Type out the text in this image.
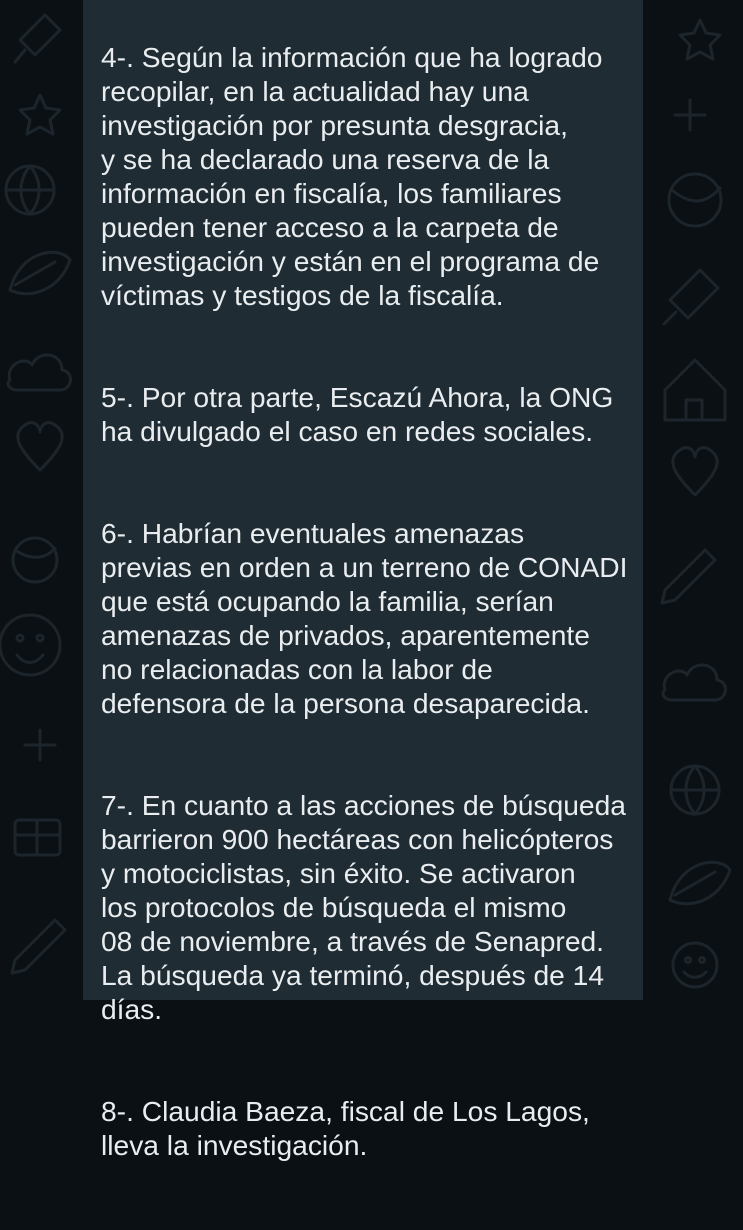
4-. Según la información que ha logrado
recopilar, en la actualidad hay una
investigación por presunta desgracia,
y se ha declarado una reserva de la
información en fiscalía, los familiares
pueden tener acceso a la carpeta de
investigación y están en el programa de
víctimas y testigos de la fiscalía.

5-. Por otra parte, Escazú Ahora, la ONG
ha divulgado el caso en redes sociales.

6-. Habrían eventuales amenazas
previas en orden a un terreno de CONADI
que está ocupando la familia, serían
amenazas de privados, aparentemente
no relacionadas con la labor de
defensora de la persona desaparecida.

7-. En cuanto a las acciones de búsqueda
barrieron 900 hectáreas con helicópteros
y motociclistas, sin éxito. Se activaron
los protocolos de búsqueda el mismo
08 de noviembre, a través de Senapred.
La búsqueda ya terminó, después de 14
días.

8-. Claudia Baeza, fiscal de Los Lagos,
lleva la investigación.
